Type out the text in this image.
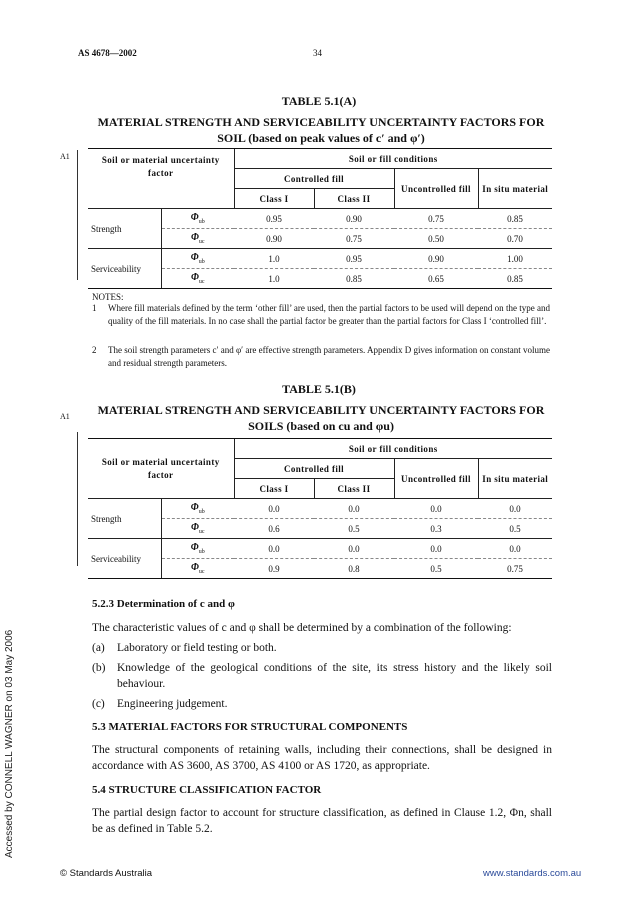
AS 4678—2002	34
TABLE 5.1(A)
MATERIAL STRENGTH AND SERVICEABILITY UNCERTAINTY FACTORS FOR
SOIL (based on peak values of c′ and φ′)
A1	Soil or material uncertainty factor		Soil or fill conditions			
		Controlled fill		Uncontrolled fill	In situ material
		Class I	Class II		
Strength	$\Phi_{ub}$	0.95	0.90	0.75	0.85
	$\Phi_{uc}$	0.90	0.75	0.50	0.70
Serviceability	$\Phi_{ub}$	1.0	0.95	0.90	1.00
	$\Phi_{uc}$	1.0	0.85	0.65	0.85
NOTES:
1 Where fill materials defined by the term ‘other fill’ are used, then the partial factors to be used will depend on the type and quality of the fill materials. In no case shall the partial factor be greater than the partial factors for Class I ‘controlled fill’.
2 The soil strength parameters c′ and φ′ are effective strength parameters. Appendix D gives information on constant volume and residual strength parameters.
TABLE 5.1(B)
MATERIAL STRENGTH AND SERVICEABILITY UNCERTAINTY FACTORS FOR
SOILS (based on cu and φu)
A1
Soil or material uncertainty factor		Soil or fill conditions			
		Controlled fill		Uncontrolled fill	In situ material
		Class I	Class II		
Strength	$\Phi_{ub}$	0.0	0.0	0.0	0.0
	$\Phi_{uc}$	0.6	0.5	0.3	0.5
Serviceability	$\Phi_{ub}$	0.0	0.0	0.0	0.0
	$\Phi_{uc}$	0.9	0.8	0.5	0.75
5.2.3 Determination of c and φ
The characteristic values of c and φ shall be determined by a combination of the following:
(a) Laboratory or field testing or both.
(b) Knowledge of the geological conditions of the site, its stress history and the likely soil behaviour.
(c) Engineering judgement.
5.3 MATERIAL FACTORS FOR STRUCTURAL COMPONENTS
The structural components of retaining walls, including their connections, shall be designed in accordance with AS 3600, AS 3700, AS 4100 or AS 1720, as appropriate.
5.4 STRUCTURE CLASSIFICATION FACTOR
The partial design factor to account for structure classification, as defined in Clause 1.2, Φn, shall be as defined in Table 5.2.
Accessed by CONNELL WAGNER on 03 May 2006
© Standards Australia	www.standards.com.au
